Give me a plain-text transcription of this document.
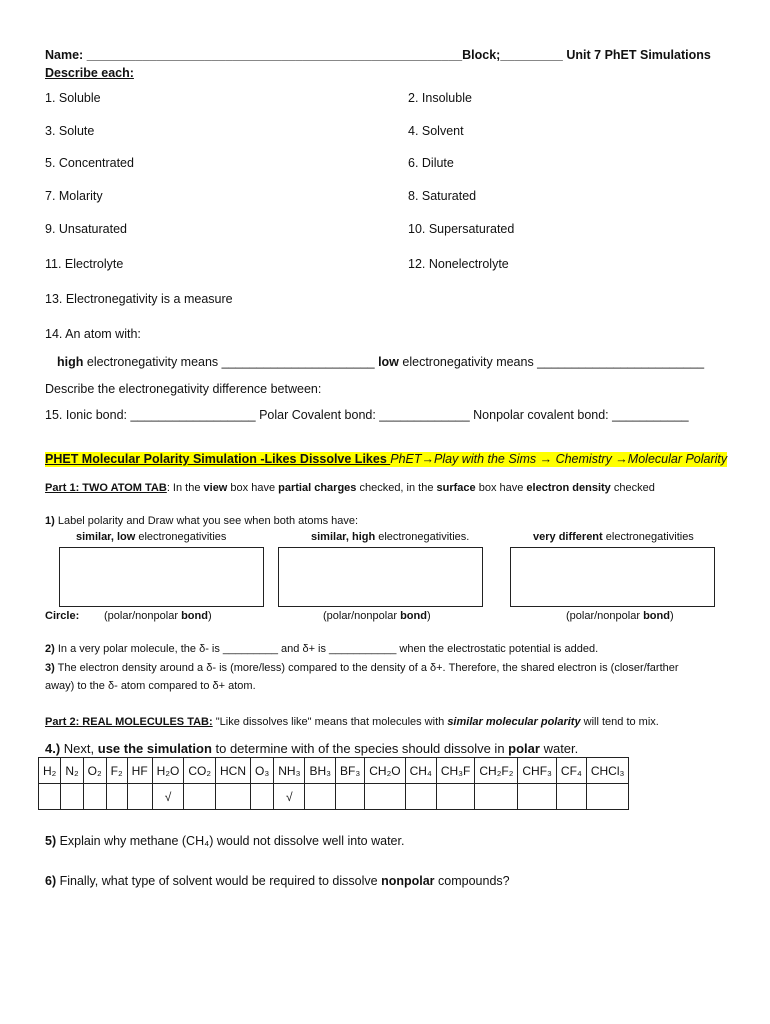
Name: ______________________________________________________Block;_________ Unit 7 PhET Simulations
Describe each:
1. Soluble	2. Insoluble
3. Solute	4. Solvent
5. Concentrated	6. Dilute
7. Molarity	8. Saturated
9. Unsaturated	10. Supersaturated
11. Electrolyte	12. Nonelectrolyte
13. Electronegativity is a measure
14. An atom with:
high electronegativity means ______________________ low electronegativity means ________________________
Describe the electronegativity difference between:
15. Ionic bond: __________________ Polar Covalent bond: _____________ Nonpolar covalent bond: ___________
PHET Molecular Polarity Simulation -Likes Dissolve Likes PhET→Play with the Sims → Chemistry →Molecular Polarity
Part 1: TWO ATOM TAB: In the view box have partial charges checked, in the surface box have electron density checked
1) Label polarity and Draw what you see when both atoms have:
similar, low electronegativities	similar, high electronegativities.	very different electronegativities
Circle: (polar/nonpolar bond)	(polar/nonpolar bond)	(polar/nonpolar bond)
2) In a very polar molecule, the δ- is _________ and δ+ is ___________ when the electrostatic potential is added.
3) The electron density around a δ- is (more/less) compared to the density of a δ+. Therefore, the shared electron is (closer/farther
away) to the δ- atom compared to δ+ atom.
Part 2: REAL MOLECULES TAB: "Like dissolves like" means that molecules with similar molecular polarity will tend to mix.
4.) Next, use the simulation to determine with of the species should dissolve in polar water.
H₂	N₂	O₂	F₂	HF	H₂O	CO₂	HCN	O₃	NH₃	BH₃	BF₃	CH₂O	CH₄	CH₃F	CH₂F₂	CHF₃	CF₄	CHCl₃
					√				√									
5) Explain why methane (CH₄) would not dissolve well into water.
6) Finally, what type of solvent would be required to dissolve nonpolar compounds?
